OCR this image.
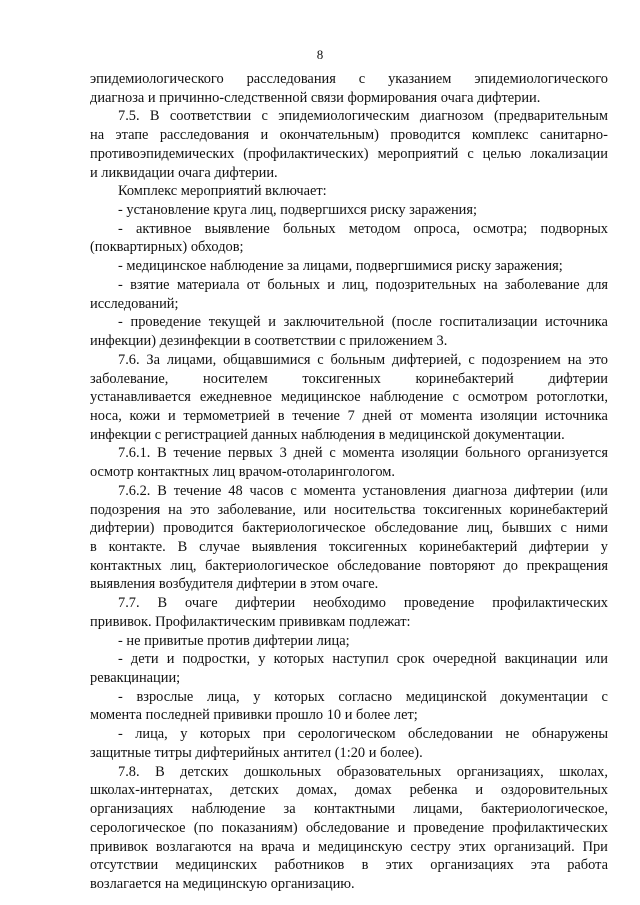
8
эпидемиологического расследования с указанием эпидемиологического
диагноза и причинно-следственной связи формирования очага дифтерии.
7.5. В соответствии с эпидемиологическим диагнозом (предварительным
на этапе расследования и окончательным) проводится комплекс санитарно-
противоэпидемических (профилактических) мероприятий с целью локализации
и ликвидации очага дифтерии.
Комплекс мероприятий включает:
- установление круга лиц, подвергшихся риску заражения;
- активное выявление больных методом опроса, осмотра; подворных
(поквартирных) обходов;
- медицинское наблюдение за лицами, подвергшимися риску заражения;
- взятие материала от больных и лиц, подозрительных на заболевание для
исследований;
- проведение текущей и заключительной (после госпитализации источника
инфекции) дезинфекции в соответствии с приложением 3.
7.6. За лицами, общавшимися с больным дифтерией, с подозрением на это
заболевание, носителем токсигенных коринебактерий дифтерии
устанавливается ежедневное медицинское наблюдение с осмотром ротоглотки,
носа, кожи и термометрией в течение 7 дней от момента изоляции источника
инфекции с регистрацией данных наблюдения в медицинской документации.
7.6.1. В течение первых 3 дней с момента изоляции больного организуется
осмотр контактных лиц врачом-отоларингологом.
7.6.2. В течение 48 часов с момента установления диагноза дифтерии (или
подозрения на это заболевание, или носительства токсигенных коринебактерий
дифтерии) проводится бактериологическое обследование лиц, бывших с ними
в контакте. В случае выявления токсигенных коринебактерий дифтерии у
контактных лиц, бактериологическое обследование повторяют до прекращения
выявления возбудителя дифтерии в этом очаге.
7.7. В очаге дифтерии необходимо проведение профилактических
прививок. Профилактическим прививкам подлежат:
- не привитые против дифтерии лица;
- дети и подростки, у которых наступил срок очередной вакцинации или
ревакцинации;
- взрослые лица, у которых согласно медицинской документации с
момента последней прививки прошло 10 и более лет;
- лица, у которых при серологическом обследовании не обнаружены
защитные титры дифтерийных антител (1:20 и более).
7.8. В детских дошкольных образовательных организациях, школах,
школах-интернатах, детских домах, домах ребенка и оздоровительных
организациях наблюдение за контактными лицами, бактериологическое,
серологическое (по показаниям) обследование и проведение профилактических
прививок возлагаются на врача и медицинскую сестру этих организаций. При
отсутствии медицинских работников в этих организациях эта работа
возлагается на медицинскую организацию.
